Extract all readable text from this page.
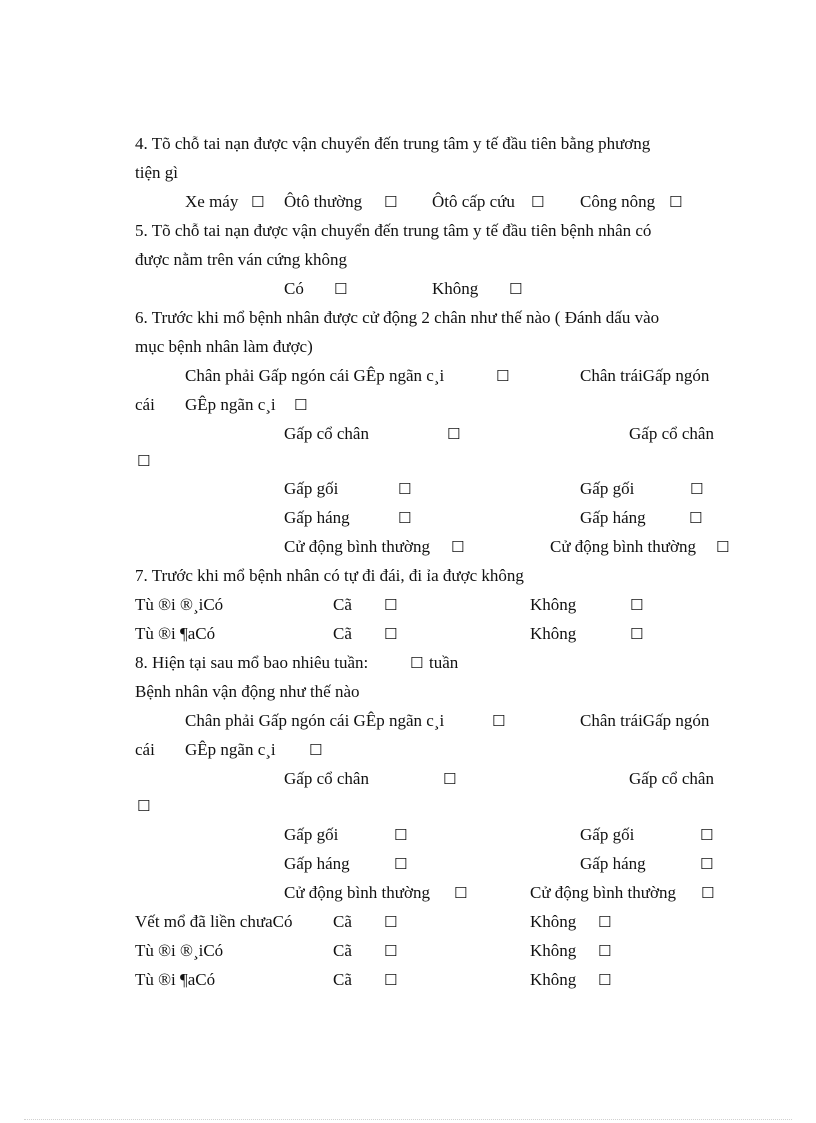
4. Tõ chỗ tai nạn được vận chuyển đến trung tâm y tế đầu tiên bằng phương
tiện gì
Xe máy ☐ Ôtô thường ☐ Ôtô cấp cứu ☐ Công nông ☐
5. Tõ chỗ tai nạn được vận chuyển đến trung tâm y tế đầu tiên bệnh nhân có
được nằm trên ván cứng không
Có ☐	Không ☐
6. Trước khi mổ bệnh nhân được cử động 2 chân như thế nào ( Đánh dấu vào
mục bệnh nhân làm được)
Chân phải Gấp ngón cái GÊp ngãn c¸i	☐	Chân tráiGấp ngón
cái GÊp ngãn c¸i ☐
Gấp cổ chân	☐	Gấp cổ chân
☐
Gấp gối	☐	Gấp gối	☐
Gấp háng	☐	Gấp háng	☐
Cử động bình thường ☐	Cử động bình thường ☐
7. Trước khi mổ bệnh nhân có tự đi đái, đi ỉa được không
Tù ®i ®¸iCó	Cã ☐	Không	☐
Tù ®i ¶aCó	Cã ☐	Không	☐
8. Hiện tại sau mổ bao nhiêu tuần:	☐ tuần
Bệnh nhân vận động như thế nào
Chân phải Gấp ngón cái GÊp ngãn c¸i	☐	Chân tráiGấp ngón
cái GÊp ngãn c¸i ☐
Gấp cổ chân	☐	Gấp cổ chân
☐
Gấp gối	☐	Gấp gối	☐
Gấp háng	☐	Gấp háng	☐
Cử động bình thường ☐	Cử động bình thường ☐
Vết mổ đã liền chưaCó Cã ☐	Không ☐
Tù ®i ®¸iCó	Cã ☐	Không ☐
Tù ®i ¶aCó	Cã ☐	Không ☐
